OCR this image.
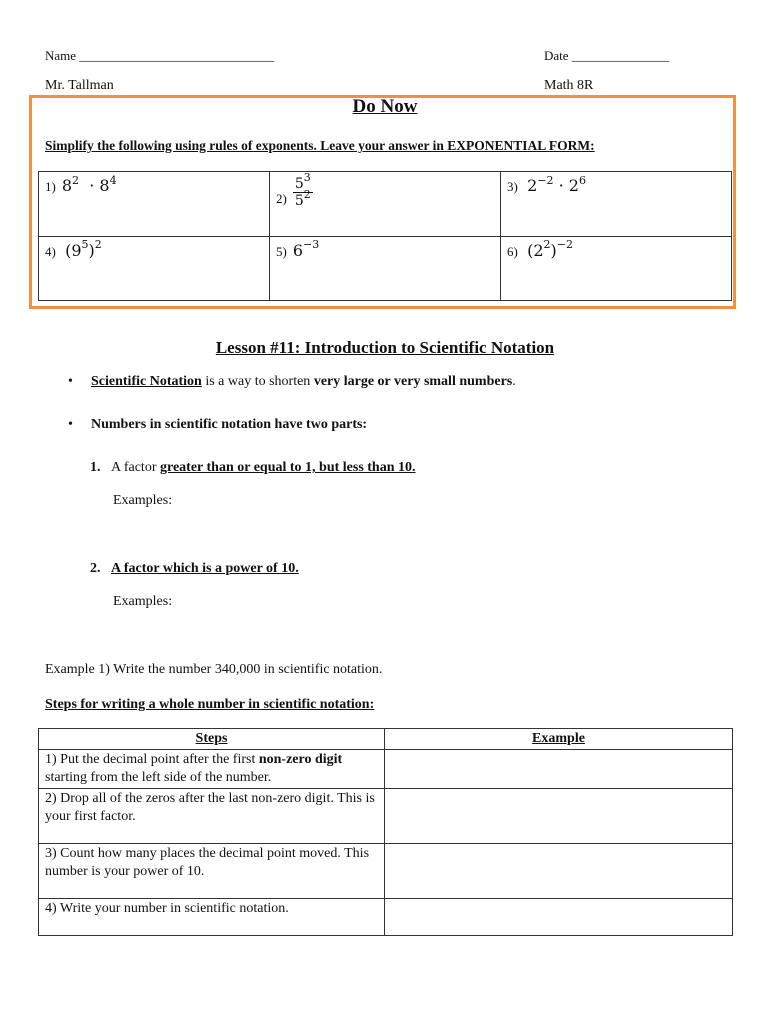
Name ______________________________	Date _______________
Mr. Tallman	Math 8R
Do Now
Simplify the following using rules of exponents. Leave your answer in EXPONENTIAL FORM:
1) $8^2 \cdot 8^4$	$2) \frac{5^3}{5^2}$	3) $2^{-2} \cdot 2^6$
4) $(9^5)^2$	5) $6^{-3}$	6) $(2^2)^{-2}$
Lesson #11: Introduction to Scientific Notation
• Scientific Notation is a way to shorten very large or very small numbers.
• Numbers in scientific notation have two parts:
1. A factor greater than or equal to 1, but less than 10.
Examples:
2. A factor which is a power of 10.
Examples:
Example 1) Write the number 340,000 in scientific notation.
Steps for writing a whole number in scientific notation:
Steps	Example
1) Put the decimal point after the first non-zero digit starting from the left side of the number.	
2) Drop all of the zeros after the last non-zero digit. This is your first factor.	
3) Count how many places the decimal point moved. This number is your power of 10.	
4) Write your number in scientific notation.	
